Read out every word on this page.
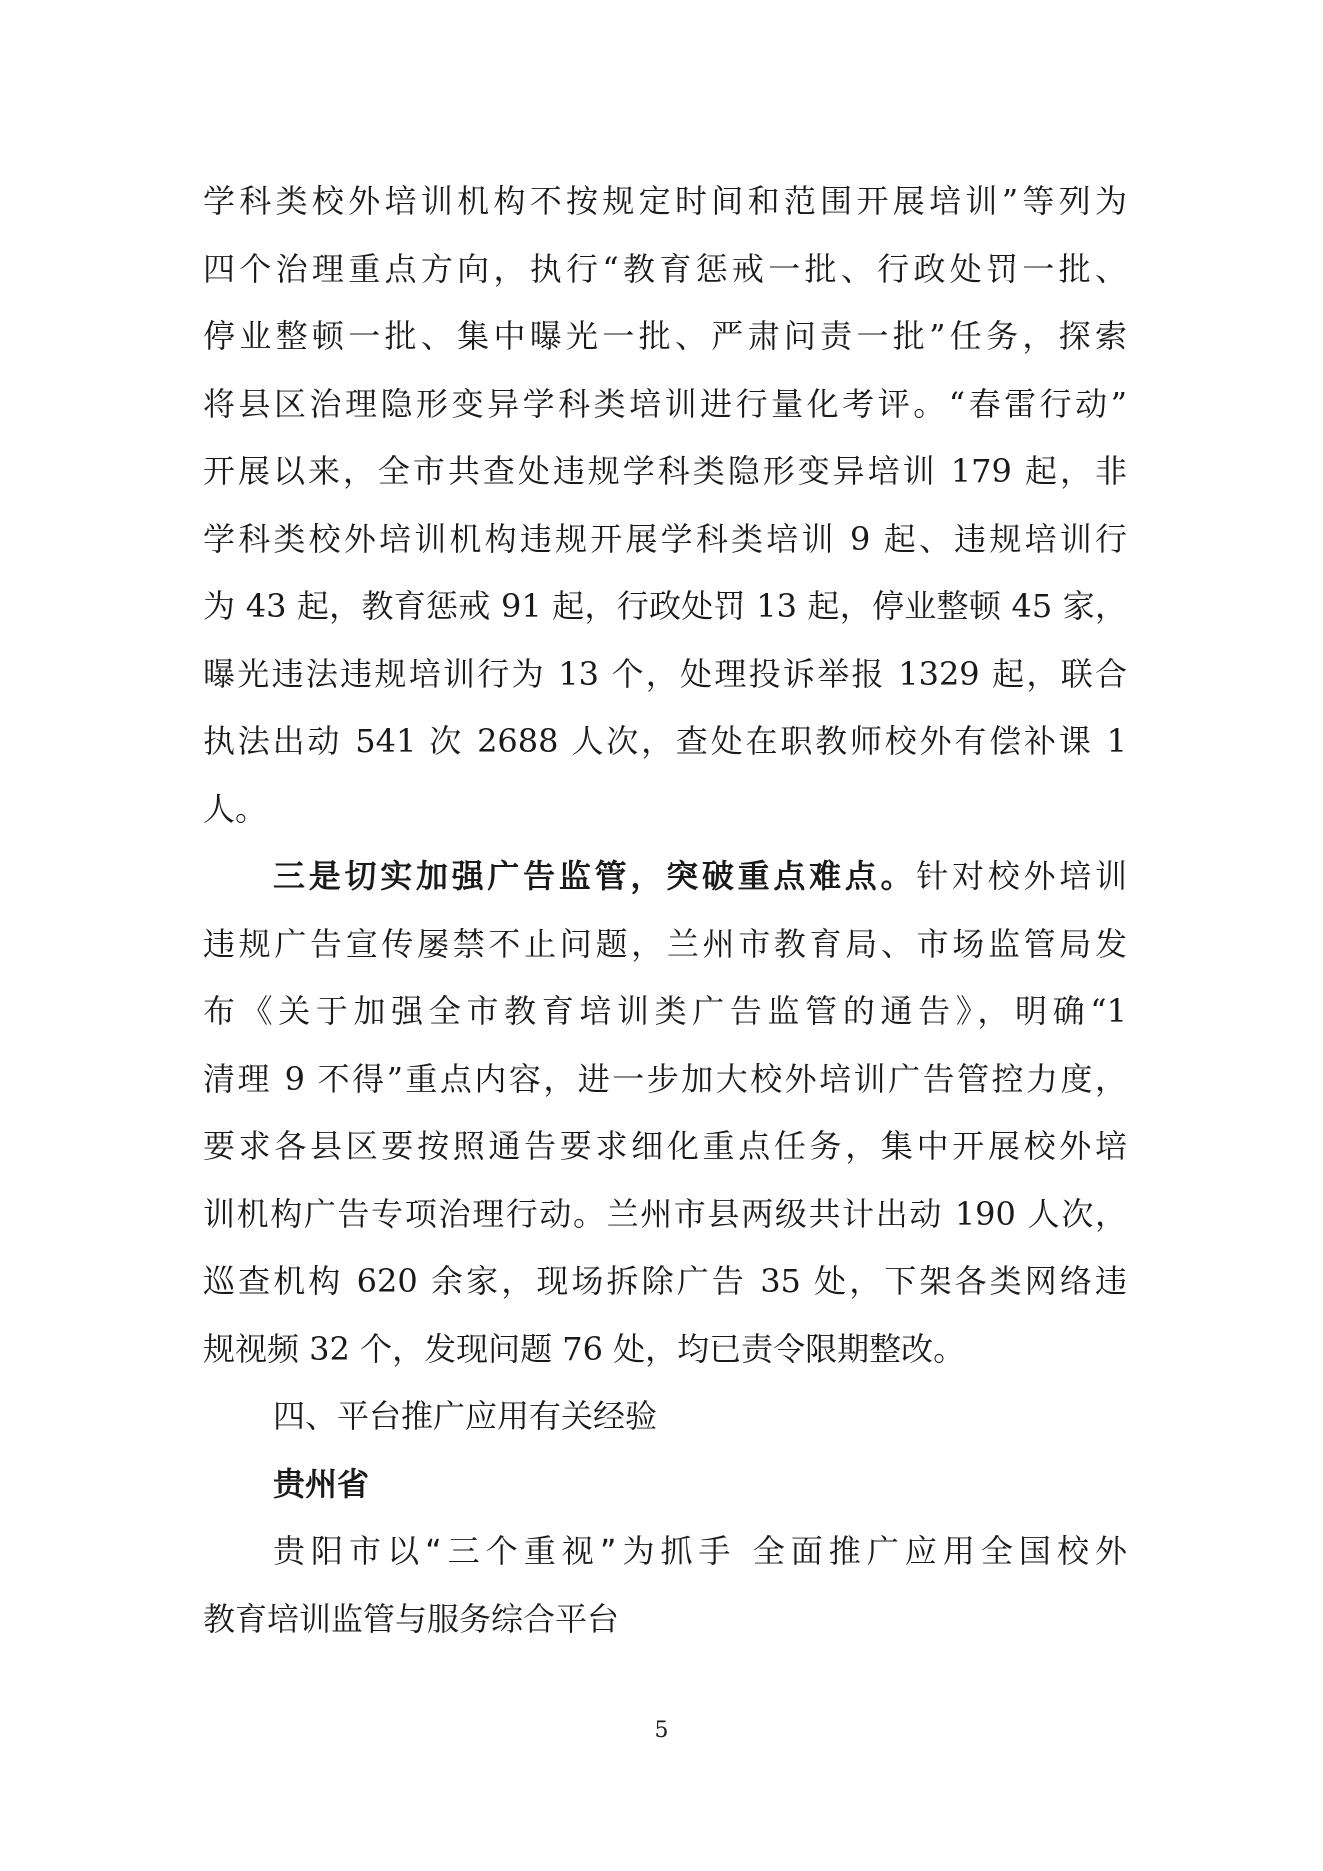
学科类校外培训机构不按规定时间和范围开展培训”等列为
四个治理重点方向，执行“教育惩戒一批、行政处罚一批、
停业整顿一批、集中曝光一批、严肃问责一批”任务，探索
将县区治理隐形变异学科类培训进行量化考评。“春雷行动”
开展以来，全市共查处违规学科类隐形变异培训 179 起，非
学科类校外培训机构违规开展学科类培训 9 起、违规培训行
为 43 起，教育惩戒 91 起，行政处罚 13 起，停业整顿 45 家，
曝光违法违规培训行为 13 个，处理投诉举报 1329 起，联合
执法出动 541 次 2688 人次，查处在职教师校外有偿补课 1
人。
三是切实加强广告监管，突破重点难点。针对校外培训
违规广告宣传屡禁不止问题，兰州市教育局、市场监管局发
布《关于加强全市教育培训类广告监管的通告》，明确“1
清理 9 不得”重点内容，进一步加大校外培训广告管控力度，
要求各县区要按照通告要求细化重点任务，集中开展校外培
训机构广告专项治理行动。兰州市县两级共计出动 190 人次，
巡查机构 620 余家，现场拆除广告 35 处，下架各类网络违
规视频 32 个，发现问题 76 处，均已责令限期整改。
四、平台推广应用有关经验
贵州省
贵阳市以“三个重视”为抓手 全面推广应用全国校外
教育培训监管与服务综合平台
5
